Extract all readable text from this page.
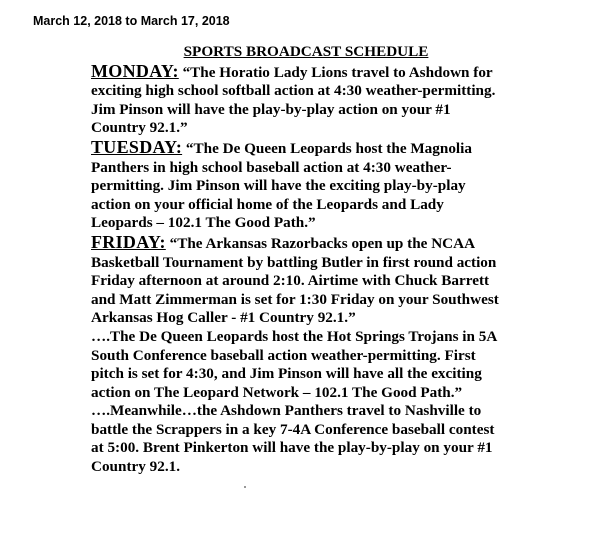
March 12, 2018 to March 17, 2018
SPORTS BROADCAST SCHEDULE
MONDAY: “The Horatio Lady Lions travel to Ashdown for
exciting high school softball action at 4:30 weather-permitting.
Jim Pinson will have the play-by-play action on your #1
Country 92.1.”
TUESDAY: “The De Queen Leopards host the Magnolia
Panthers in high school baseball action at 4:30 weather-
permitting. Jim Pinson will have the exciting play-by-play
action on your official home of the Leopards and Lady
Leopards – 102.1 The Good Path.”
FRIDAY: “The Arkansas Razorbacks open up the NCAA
Basketball Tournament by battling Butler in first round action
Friday afternoon at around 2:10. Airtime with Chuck Barrett
and Matt Zimmerman is set for 1:30 Friday on your Southwest
Arkansas Hog Caller - #1 Country 92.1.”
….The De Queen Leopards host the Hot Springs Trojans in 5A
South Conference baseball action weather-permitting. First
pitch is set for 4:30, and Jim Pinson will have all the exciting
action on The Leopard Network – 102.1 The Good Path.”
….Meanwhile…the Ashdown Panthers travel to Nashville to
battle the Scrappers in a key 7-4A Conference baseball contest
at 5:00. Brent Pinkerton will have the play-by-play on your #1
Country 92.1.
